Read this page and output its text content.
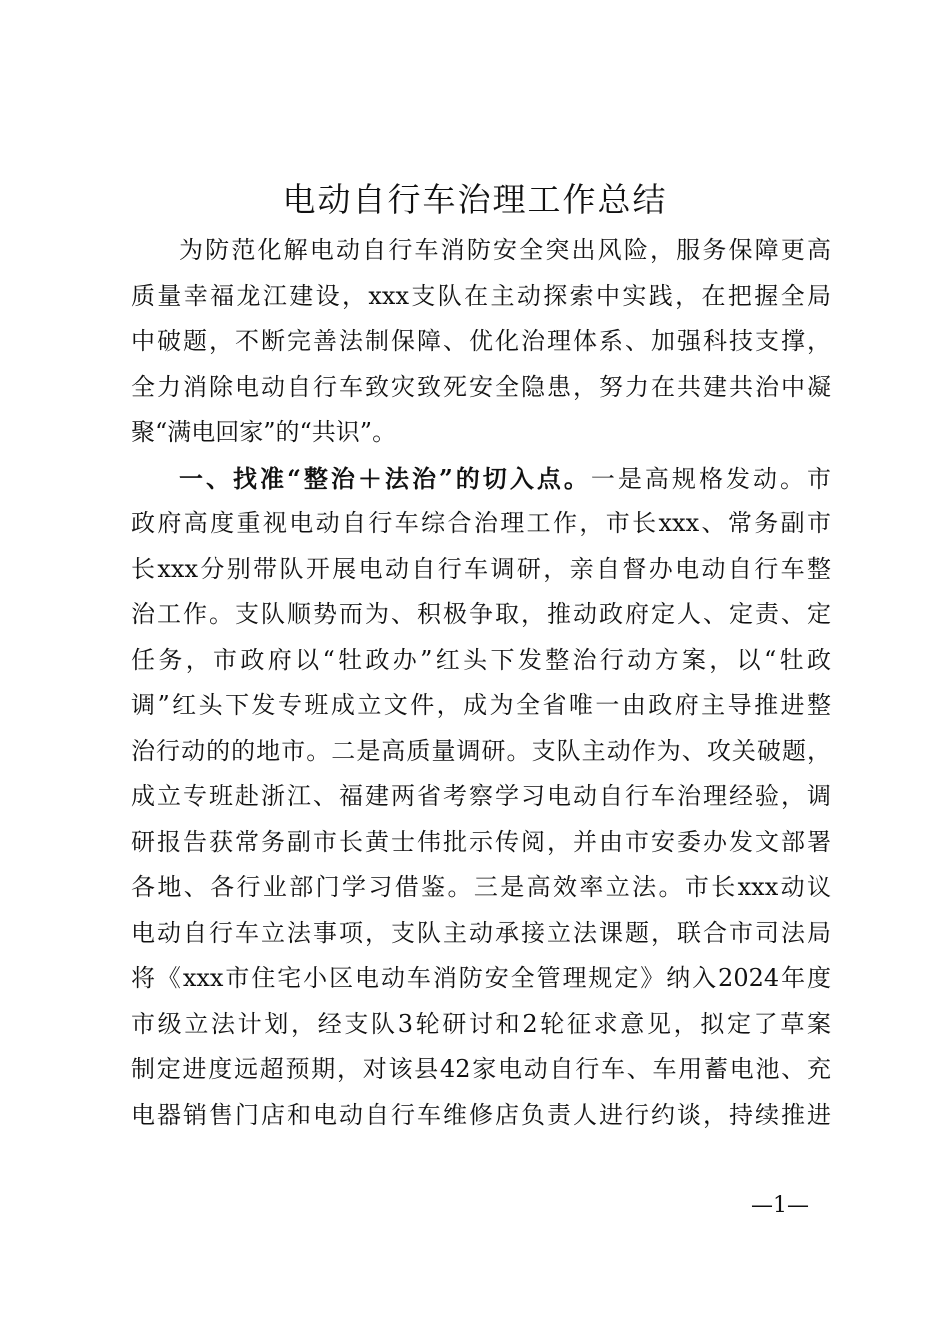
电动自行车治理工作总结
为防范化解电动自行车消防安全突出风险，服务保障更高
质量幸福龙江建设，xxx支队在主动探索中实践，在把握全局
中破题，不断完善法制保障、优化治理体系、加强科技支撑，
全力消除电动自行车致灾致死安全隐患，努力在共建共治中凝
聚“满电回家”的“共识”。
一、找准“整治＋法治”的切入点。一是高规格发动。市
政府高度重视电动自行车综合治理工作，市长xxx、常务副市
长xxx分别带队开展电动自行车调研，亲自督办电动自行车整
治工作。支队顺势而为、积极争取，推动政府定人、定责、定
任务，市政府以“牡政办”红头下发整治行动方案，以“牡政
调”红头下发专班成立文件，成为全省唯一由政府主导推进整
治行动的的地市。二是高质量调研。支队主动作为、攻关破题，
成立专班赴浙江、福建两省考察学习电动自行车治理经验，调
研报告获常务副市长黄士伟批示传阅，并由市安委办发文部署
各地、各行业部门学习借鉴。三是高效率立法。市长xxx动议
电动自行车立法事项，支队主动承接立法课题，联合市司法局
将《xxx市住宅小区电动车消防安全管理规定》纳入2024年度
市级立法计划，经支队3轮研讨和2轮征求意见，拟定了草案
制定进度远超预期，对该县42家电动自行车、车用蓄电池、充
电器销售门店和电动自行车维修店负责人进行约谈，持续推进
—1—
